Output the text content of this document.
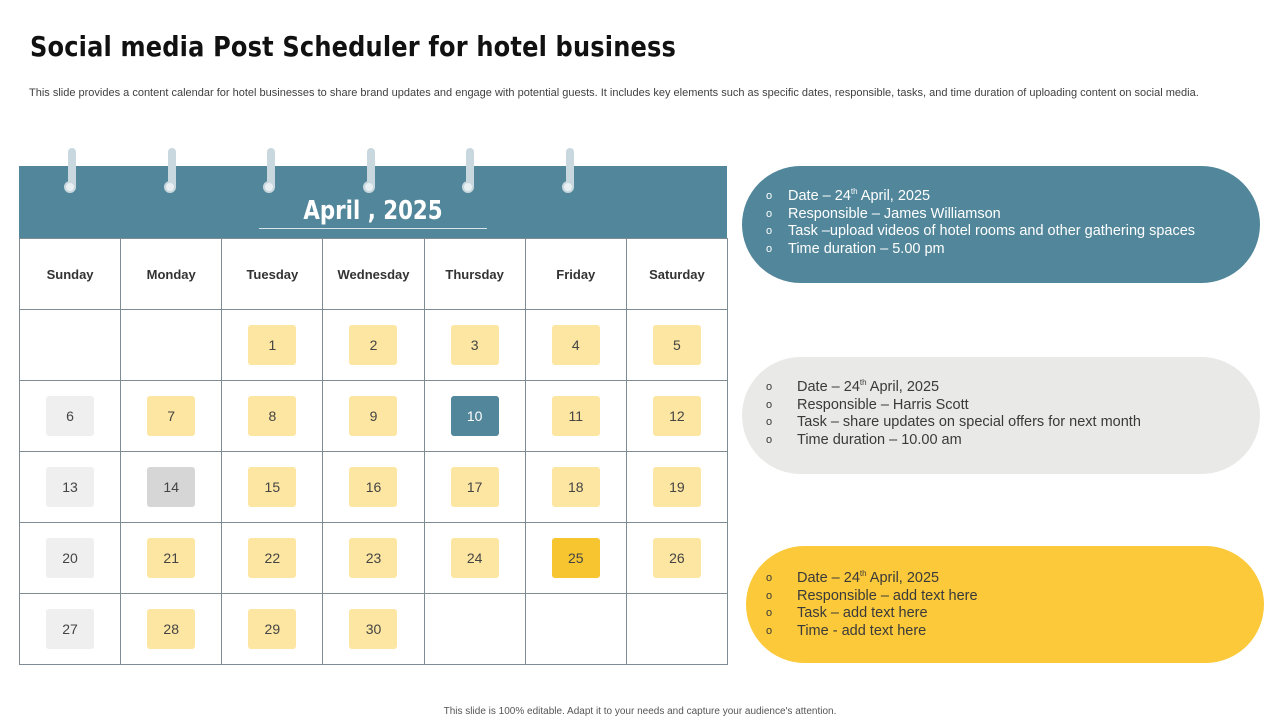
Social media Post Scheduler for hotel business
This slide provides a content calendar for hotel businesses to share brand updates and engage with potential guests. It includes key elements such as specific dates, responsible, tasks, and time duration of uploading content on social media.
April , 2025
Sunday	Monday	Tuesday	Wednesday	Thursday	Friday	Saturday
		1	2	3	4	5
6	7	8	9	10	11	12
13	14	15	16	17	18	19
20	21	22	23	24	25	26
27	28	29	30			
o Date – 24th April, 2025
o Responsible – James Williamson
o Task –upload videos of hotel rooms and other gathering spaces
o Time duration – 5.00 pm
o Date – 24th April, 2025
o Responsible – Harris Scott
o Task – share updates on special offers for next month
o Time duration – 10.00 am
o Date – 24th April, 2025
o Responsible – add text here
o Task – add text here
o Time - add text here
This slide is 100% editable. Adapt it to your needs and capture your audience's attention.
